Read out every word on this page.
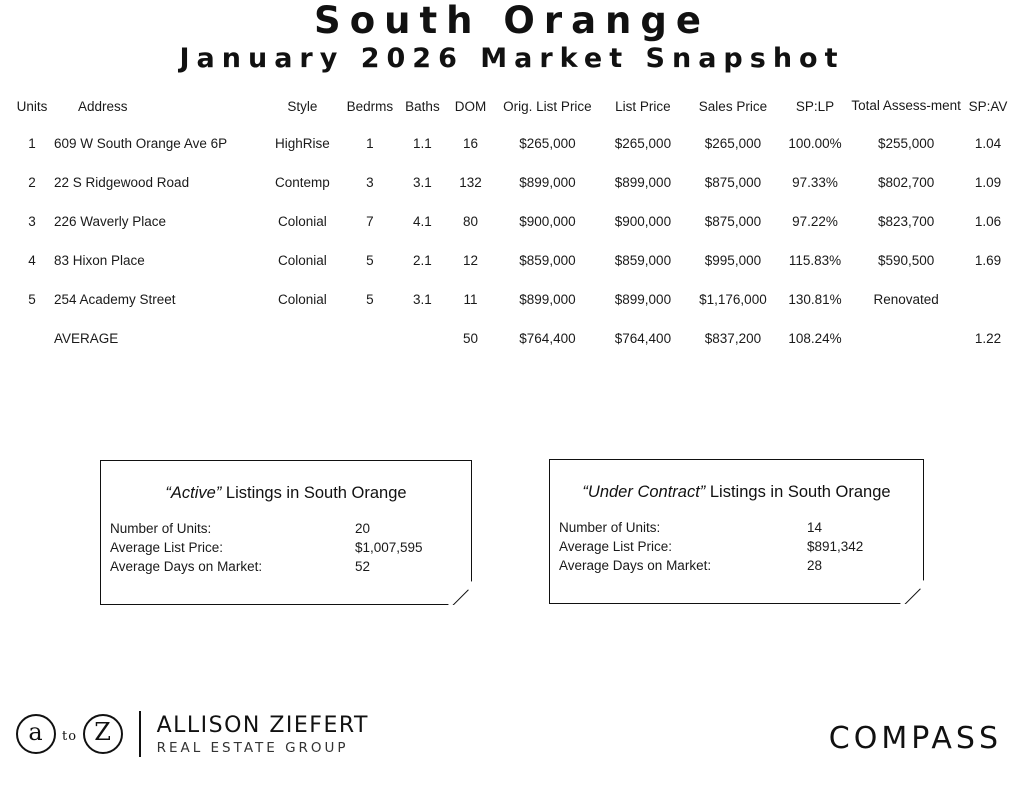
South Orange
January 2026 Market Snapshot
Units	Address	Style	Bedrms	Baths	DOM	Orig. List Price	List Price	Sales Price	SP:LP	Total Assess-ment	SP:AV
1	609 W South Orange Ave 6P	HighRise	1	1.1	16	$265,000	$265,000	$265,000	100.00%	$255,000	1.04
2	22 S Ridgewood Road	Contemp	3	3.1	132	$899,000	$899,000	$875,000	97.33%	$802,700	1.09
3	226 Waverly Place	Colonial	7	4.1	80	$900,000	$900,000	$875,000	97.22%	$823,700	1.06
4	83 Hixon Place	Colonial	5	2.1	12	$859,000	$859,000	$995,000	115.83%	$590,500	1.69
5	254 Academy Street	Colonial	5	3.1	11	$899,000	$899,000	$1,176,000	130.81%	Renovated	
	AVERAGE				50	$764,400	$764,400	$837,200	108.24%		1.22
“Active” Listings in South Orange
Number of Units:	20
Average List Price:	$1,007,595
Average Days on Market:	52
“Under Contract” Listings in South Orange
Number of Units:	14
Average List Price:	$891,342
Average Days on Market:	28
a	to Z	ALLISON ZIEFERT
REAL ESTATE GROUP	COMPASS
